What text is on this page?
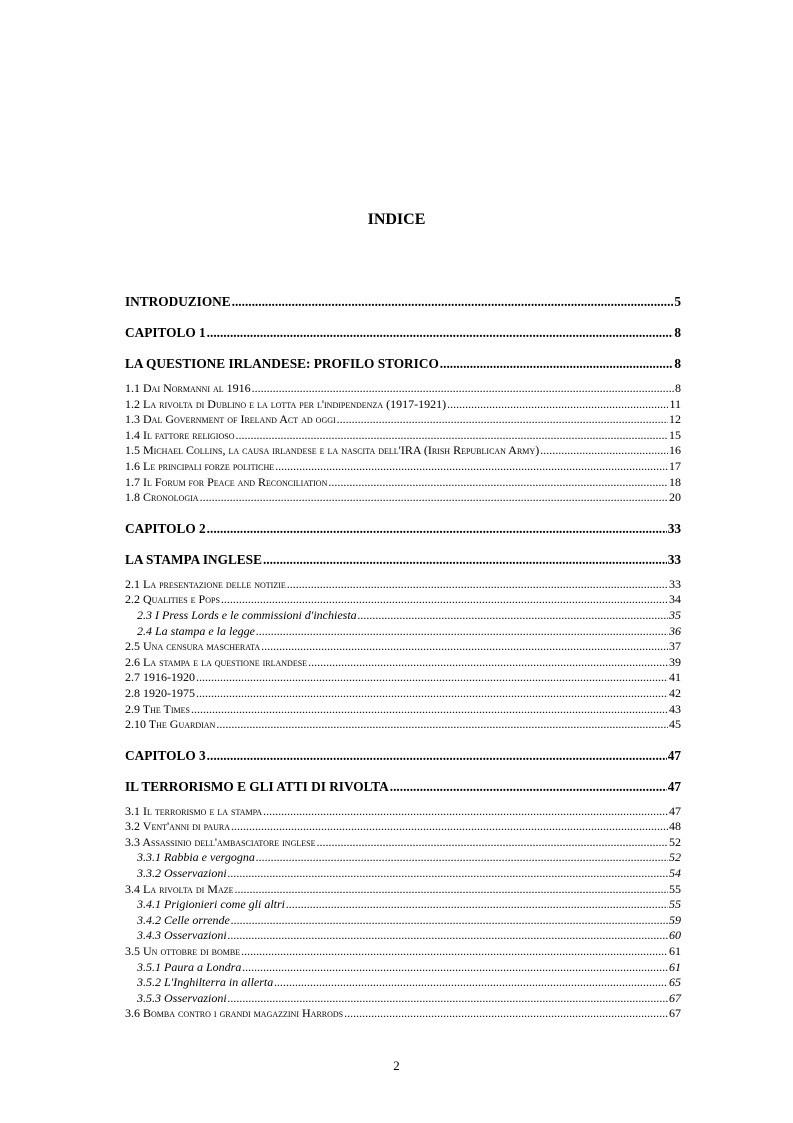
INDICE
INTRODUZIONE .....	5
CAPITOLO 1 .....	8
LA QUESTIONE IRLANDESE: PROFILO STORICO .....	8
1.1 Dai Normanni al 1916 .....	8
1.2 La rivolta di Dublino e la lotta per l'indipendenza (1917-1921) .....	11
1.3 Dal Government of Ireland Act ad oggi .....	12
1.4 Il fattore religioso .....	15
1.5 Michael Collins, la causa irlandese e la nascita dell'IRA (Irish Republican Army) .....	16
1.6 Le principali forze politiche .....	17
1.7 Il Forum for Peace and Reconciliation .....	18
1.8 Cronologia .....	20
CAPITOLO 2 .....	33
LA STAMPA INGLESE .....	33
2.1 La presentazione delle notizie .....	33
2.2 Qualities e Pops .....	34
2.3 I Press Lords e le commissioni d'inchiesta .....	35
2.4 La stampa e la legge .....	36
2.5 Una censura mascherata .....	37
2.6 La stampa e la questione irlandese .....	39
2.7 1916-1920 .....	41
2.8 1920-1975 .....	42
2.9 The Times .....	43
2.10 The Guardian .....	45
CAPITOLO 3 .....	47
IL TERRORISMO E GLI ATTI DI RIVOLTA .....	47
3.1 Il terrorismo e la stampa .....	47
3.2 Vent'anni di paura .....	48
3.3 Assassinio dell'ambasciatore inglese .....	52
3.3.1 Rabbia e vergogna .....	52
3.3.2 Osservazioni .....	54
3.4 La rivolta di Maze .....	55
3.4.1 Prigionieri come gli altri .....	55
3.4.2 Celle orrende .....	59
3.4.3 Osservazioni .....	60
3.5 Un ottobre di bombe .....	61
3.5.1 Paura a Londra .....	61
3.5.2 L'Inghilterra in allerta .....	65
3.5.3 Osservazioni .....	67
3.6 Bomba contro i grandi magazzini Harrods .....	67
2
